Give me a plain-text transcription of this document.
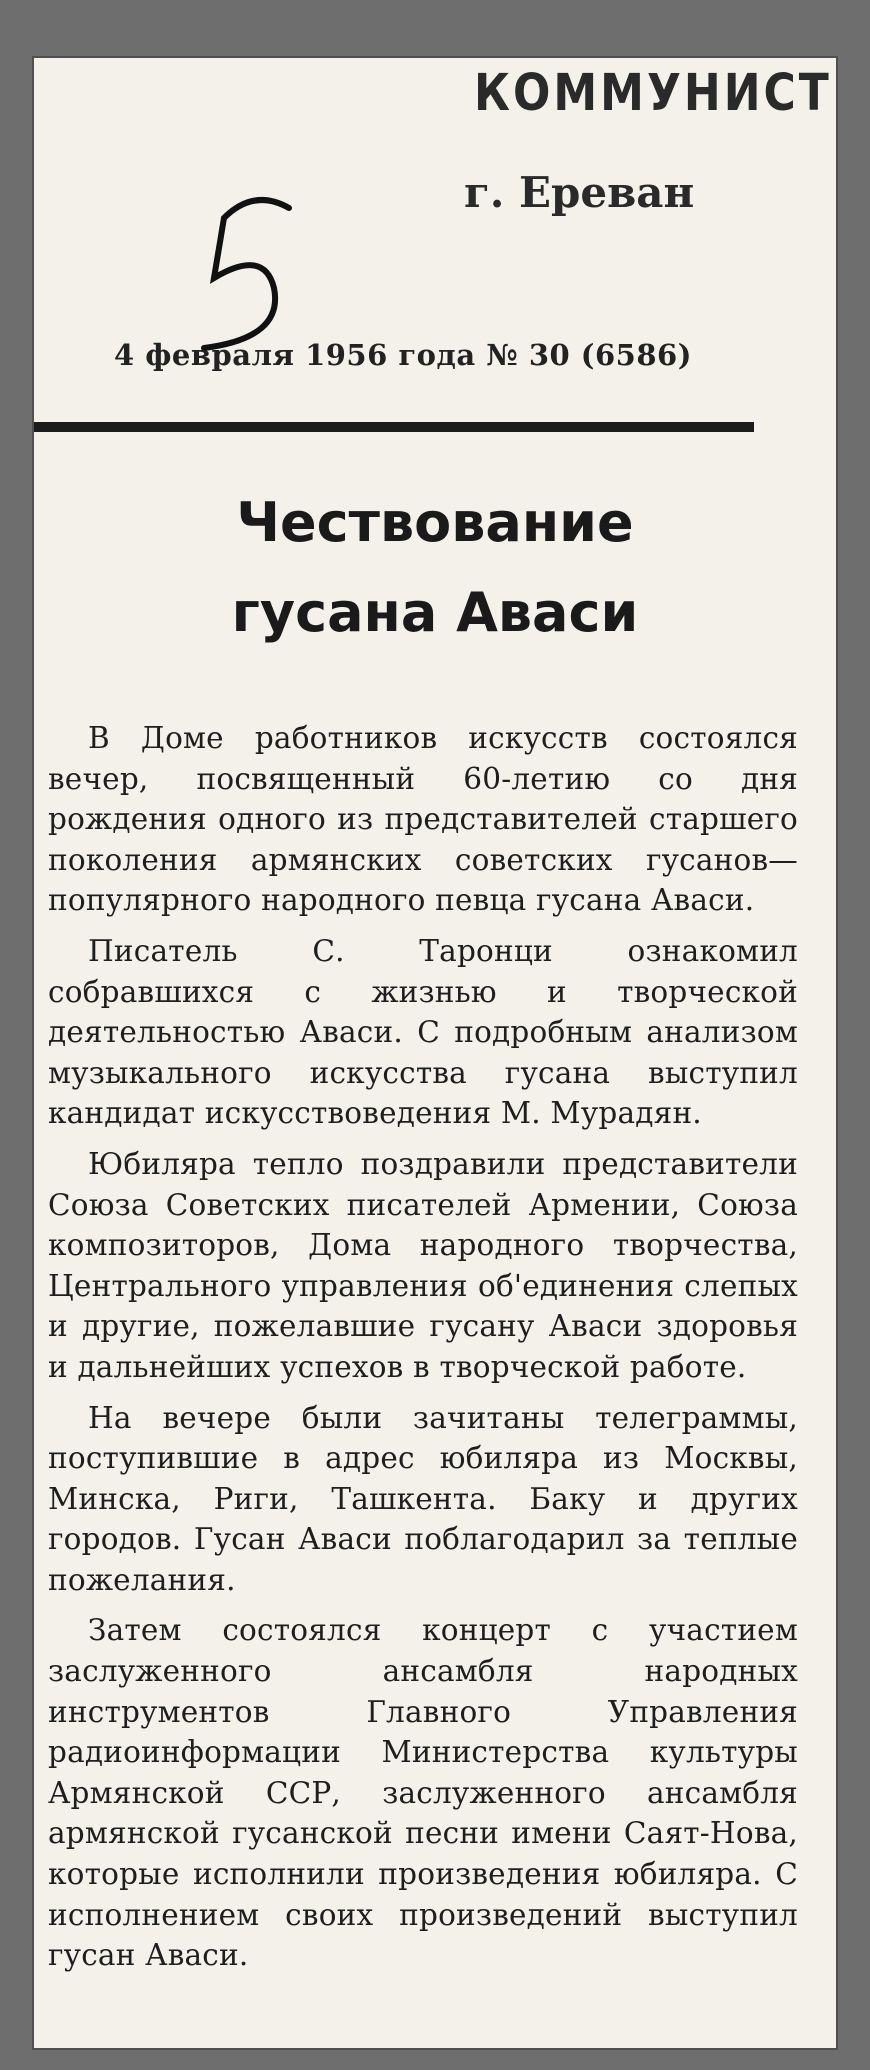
КОММУНИСТ
г. Ереван
4 февраля 1956 года № 30 (6586)
Чествование
гусана Аваси

В Доме работников искусств состоялся вечер, посвященный 60-летию со дня рождения одного из представителей старшего поколения армянских советских гусанов— популярного народного певца гусана Аваси.

Писатель С. Таронци ознакомил собравшихся с жизнью и творческой деятельностью Аваси. С подробным анализом музыкального искусства гусана выступил кандидат искусствоведения М. Мурадян.

Юбиляра тепло поздравили представители Союза Советских писателей Армении, Союза композиторов, Дома народного творчества, Центрального управления об'единения слепых и другие, пожелавшие гусану Аваси здоровья и дальнейших успехов в творческой работе.

На вечере были зачитаны телеграммы, поступившие в адрес юбиляра из Москвы, Минска, Риги, Ташкента. Баку и других городов. Гусан Аваси поблагодарил за теплые пожелания.

Затем состоялся концерт с участием заслуженного ансамбля народных инструментов Главного Управления радиоинформации Министерства культуры Армянской ССР, заслуженного ансамбля армянской гусанской песни имени Саят-Нова, которые исполнили произведения юбиляра. С исполнением своих произведений выступил гусан Аваси.
